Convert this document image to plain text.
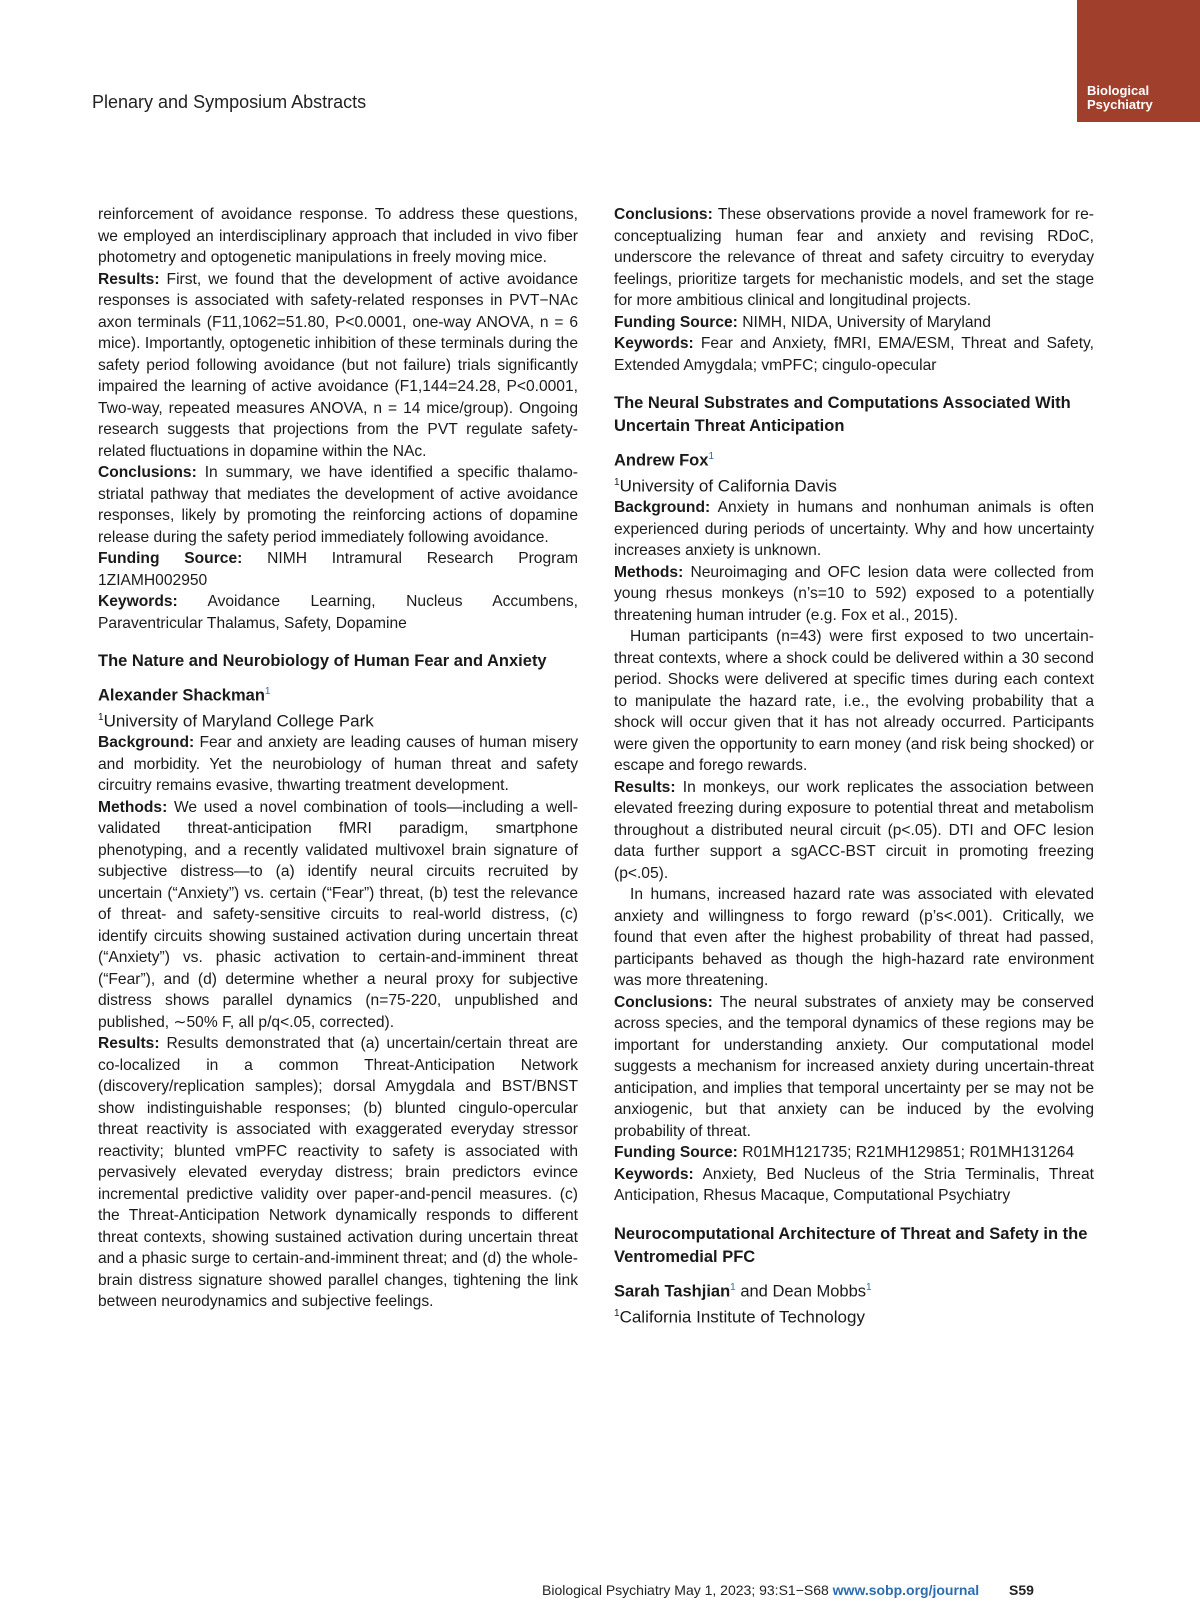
Biological
Psychiatry
Plenary and Symposium Abstracts

reinforcement of avoidance response. To address these questions, we employed an interdisciplinary approach that included in vivo fiber photometry and optogenetic manipulations in freely moving mice.

Results: First, we found that the development of active avoidance responses is associated with safety-related responses in PVT−NAc axon terminals (F11,1062=51.80, P<0.0001, one-way ANOVA, n = 6 mice). Importantly, optogenetic inhibition of these terminals during the safety period following avoidance (but not failure) trials significantly impaired the learning of active avoidance (F1,144=24.28, P<0.0001, Two-way, repeated measures ANOVA, n = 14 mice/group). Ongoing research suggests that projections from the PVT regulate safety-related fluctuations in dopamine within the NAc.

Conclusions: In summary, we have identified a specific thalamo-striatal pathway that mediates the development of active avoidance responses, likely by promoting the reinforcing actions of dopamine release during the safety period immediately following avoidance.

Funding Source: NIMH Intramural Research Program 1ZIAMH002950

Keywords: Avoidance Learning, Nucleus Accumbens, Paraventricular Thalamus, Safety, Dopamine

The Nature and Neurobiology of Human Fear and Anxiety

Alexander Shackman$^1$

$^1$University of Maryland College Park

Background: Fear and anxiety are leading causes of human misery and morbidity. Yet the neurobiology of human threat and safety circuitry remains evasive, thwarting treatment development.

Methods: We used a novel combination of tools—including a well-validated threat-anticipation fMRI paradigm, smartphone phenotyping, and a recently validated multivoxel brain signature of subjective distress—to (a) identify neural circuits recruited by uncertain (“Anxiety”) vs. certain (“Fear”) threat, (b) test the relevance of threat- and safety-sensitive circuits to real-world distress, (c) identify circuits showing sustained activation during uncertain threat (“Anxiety”) vs. phasic activation to certain-and-imminent threat (“Fear”), and (d) determine whether a neural proxy for subjective distress shows parallel dynamics (n=75-220, unpublished and published, ∼50% F, all p/q<.05, corrected).

Results: Results demonstrated that (a) uncertain/certain threat are co-localized in a common Threat-Anticipation Network (discovery/replication samples); dorsal Amygdala and BST/BNST show indistinguishable responses; (b) blunted cingulo-opercular threat reactivity is associated with exaggerated everyday stressor reactivity; blunted vmPFC reactivity to safety is associated with pervasively elevated everyday distress; brain predictors evince incremental predictive validity over paper-and-pencil measures. (c) the Threat-Anticipation Network dynamically responds to different threat contexts, showing sustained activation during uncertain threat and a phasic surge to certain-and-imminent threat; and (d) the whole-brain distress signature showed parallel changes, tightening the link between neurodynamics and subjective feelings.

Conclusions: These observations provide a novel framework for re-conceptualizing human fear and anxiety and revising RDoC, underscore the relevance of threat and safety circuitry to everyday feelings, prioritize targets for mechanistic models, and set the stage for more ambitious clinical and longitudinal projects.

Funding Source: NIMH, NIDA, University of Maryland

Keywords: Fear and Anxiety, fMRI, EMA/ESM, Threat and Safety, Extended Amygdala; vmPFC; cingulo-opecular

The Neural Substrates and Computations Associated With Uncertain Threat Anticipation

Andrew Fox$^1$

$^1$University of California Davis

Background: Anxiety in humans and nonhuman animals is often experienced during periods of uncertainty. Why and how uncertainty increases anxiety is unknown.

Methods: Neuroimaging and OFC lesion data were collected from young rhesus monkeys (n’s=10 to 592) exposed to a potentially threatening human intruder (e.g. Fox et al., 2015).

Human participants (n=43) were first exposed to two uncertain-threat contexts, where a shock could be delivered within a 30 second period. Shocks were delivered at specific times during each context to manipulate the hazard rate, i.e., the evolving probability that a shock will occur given that it has not already occurred. Participants were given the opportunity to earn money (and risk being shocked) or escape and forego rewards.

Results: In monkeys, our work replicates the association between elevated freezing during exposure to potential threat and metabolism throughout a distributed neural circuit (p<.05). DTI and OFC lesion data further support a sgACC-BST circuit in promoting freezing (p<.05).

In humans, increased hazard rate was associated with elevated anxiety and willingness to forgo reward (p’s<.001). Critically, we found that even after the highest probability of threat had passed, participants behaved as though the high-hazard rate environment was more threatening.

Conclusions: The neural substrates of anxiety may be conserved across species, and the temporal dynamics of these regions may be important for understanding anxiety. Our computational model suggests a mechanism for increased anxiety during uncertain-threat anticipation, and implies that temporal uncertainty per se may not be anxiogenic, but that anxiety can be induced by the evolving probability of threat.

Funding Source: R01MH121735; R21MH129851; R01MH131264

Keywords: Anxiety, Bed Nucleus of the Stria Terminalis, Threat Anticipation, Rhesus Macaque, Computational Psychiatry

Neurocomputational Architecture of Threat and Safety in the Ventromedial PFC

Sarah Tashjian$^1$ and Dean Mobbs$^1$

$^1$California Institute of Technology

Biological Psychiatry May 1, 2023; 93:S1−S68 www.sobp.org/journal S59
